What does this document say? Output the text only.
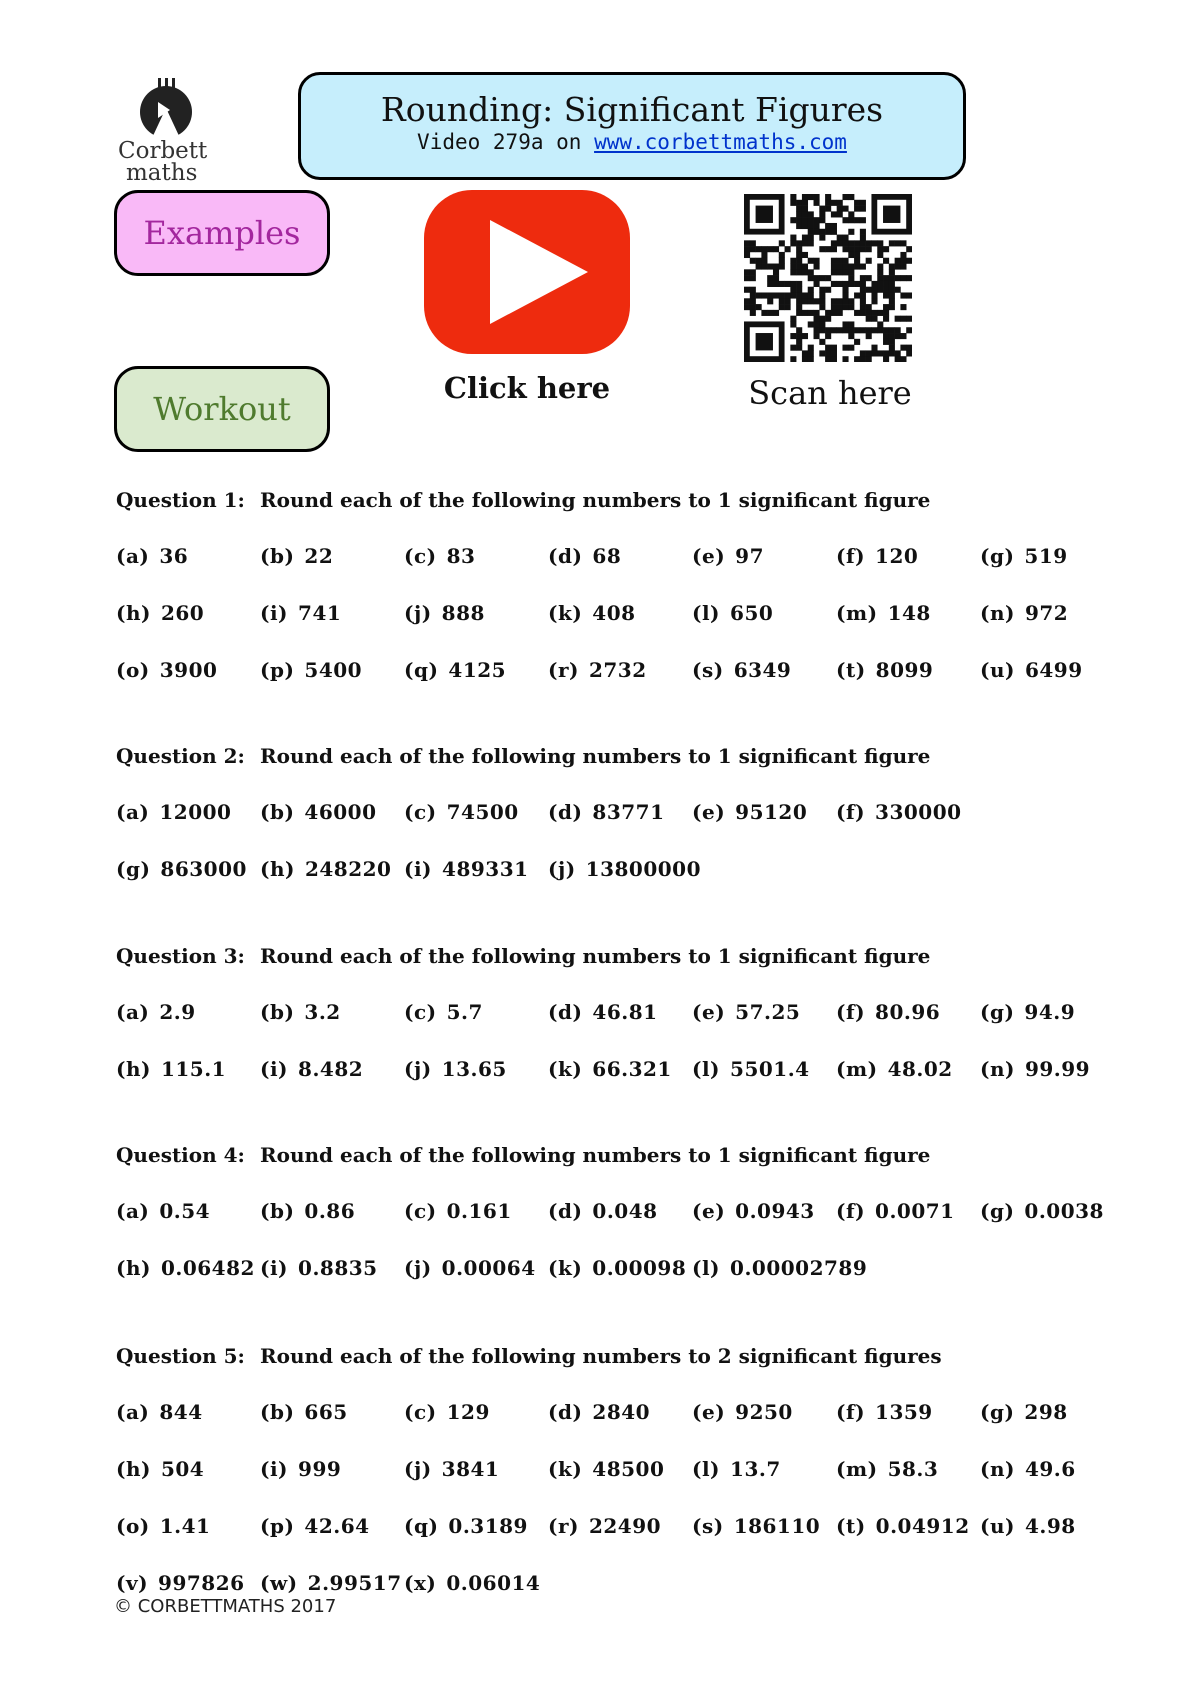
Corbett
maths
Rounding: Significant Figures
Video 279a on www.corbettmaths.com
Examples
Workout
Click here	Scan here
Question 1: Round each of the following numbers to 1 significant figure
(a) 36	(b) 22	(c) 83	(d) 68	(e) 97	(f) 120	(g) 519
(h) 260	(i) 741	(j) 888	(k) 408	(l) 650	(m) 148 (n) 972
(o) 3900 (p) 5400 (q) 4125 (r) 2732 (s) 6349 (t) 8099 (u) 6499
Question 2: Round each of the following numbers to 1 significant figure
(a) 12000 (b) 46000 (c) 74500 (d) 83771 (e) 95120 (f) 330000
(g) 863000 (h) 248220 (i) 489331 (j) 13800000
Question 3: Round each of the following numbers to 1 significant figure
(a) 2.9	(b) 3.2	(c) 5.7	(d) 46.81 (e) 57.25 (f) 80.96 (g) 94.9
(h) 115.1 (i) 8.482 (j) 13.65 (k) 66.321 (l) 5501.4 (m) 48.02 (n) 99.99
Question 4: Round each of the following numbers to 1 significant figure
(a) 0.54 (b) 0.86 (c) 0.161 (d) 0.048 (e) 0.0943 (f) 0.0071 (g) 0.0038
(h) 0.06482 (i) 0.8835 (j) 0.00064 (k) 0.00098 (l) 0.00002789
Question 5: Round each of the following numbers to 2 significant figures
(a) 844	(b) 665	(c) 129	(d) 2840 (e) 9250 (f) 1359 (g) 298
(h) 504	(i) 999	(j) 3841 (k) 48500 (l) 13.7	(m) 58.3 (n) 49.6
(o) 1.41 (p) 42.64 (q) 0.3189 (r) 22490 (s) 186110 (t) 0.04912 (u) 4.98
(v) 997826 (w) 2.99517 (x) 0.06014
© CORBETTMATHS 2017
